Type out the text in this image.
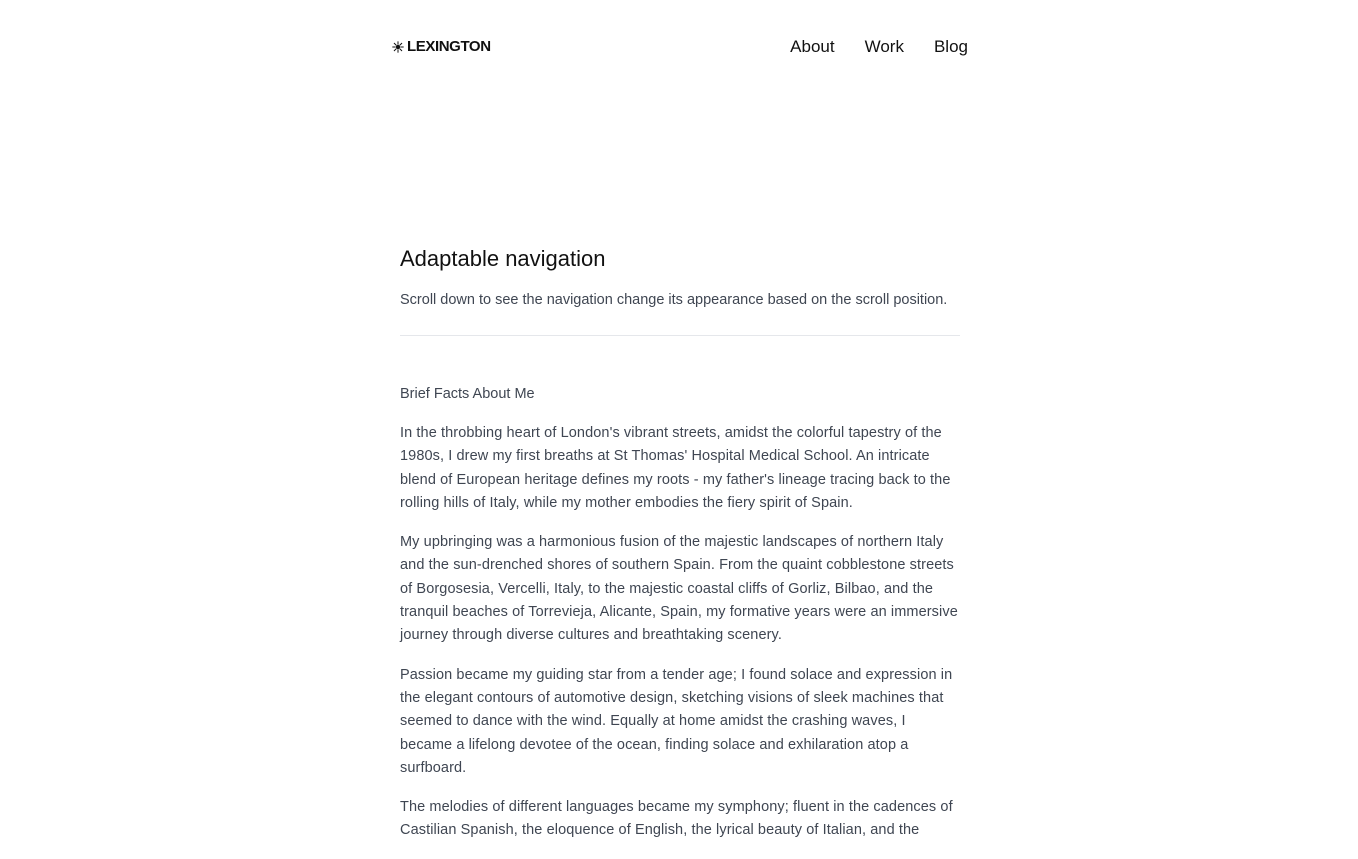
LEXINGTON	About Work Blog
Adaptable navigation

Scroll down to see the navigation change its appearance based on the scroll position.

Brief Facts About Me

In the throbbing heart of London's vibrant streets, amidst the colorful tapestry of the 1980s, I drew my first breaths at St Thomas' Hospital Medical School. An intricate blend of European heritage defines my roots - my father's lineage tracing back to the rolling hills of Italy, while my mother embodies the fiery spirit of Spain.

My upbringing was a harmonious fusion of the majestic landscapes of northern Italy and the sun-drenched shores of southern Spain. From the quaint cobblestone streets of Borgosesia, Vercelli, Italy, to the majestic coastal cliffs of Gorliz, Bilbao, and the tranquil beaches of Torrevieja, Alicante, Spain, my formative years were an immersive journey through diverse cultures and breathtaking scenery.

Passion became my guiding star from a tender age; I found solace and expression in the elegant contours of automotive design, sketching visions of sleek machines that seemed to dance with the wind. Equally at home amidst the crashing waves, I became a lifelong devotee of the ocean, finding solace and exhilaration atop a surfboard.

The melodies of different languages became my symphony; fluent in the cadences of Castilian Spanish, the eloquence of English, the lyrical beauty of Italian, and the
